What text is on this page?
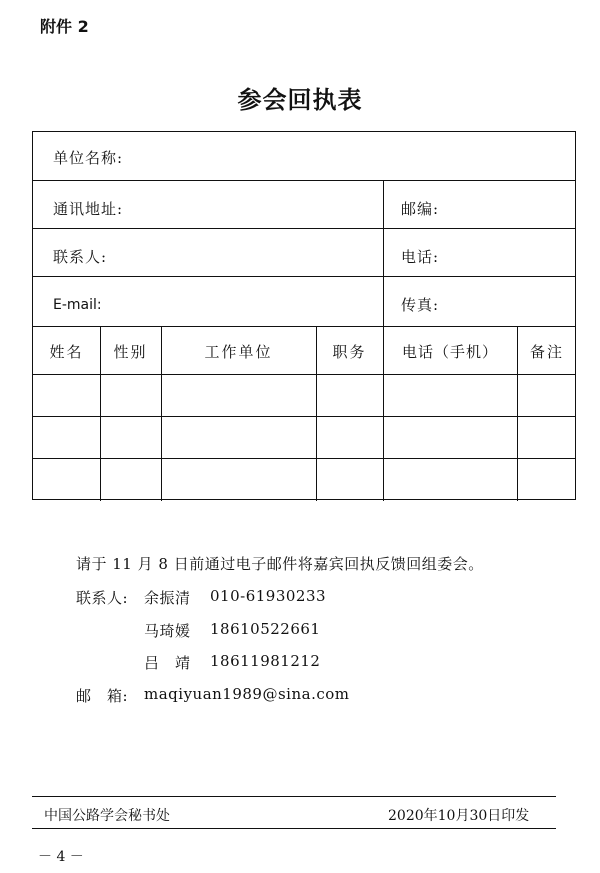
附件 2
参会回执表
单位名称:
通讯地址:	邮编:
联系人:	电话:
E-mail:	传真:
姓名	性别	工作单位	职务	电话（手机）	备注
请于 11 月 8 日前通过电子邮件将嘉宾回执反馈回组委会。
联系人: 余振清 010-61930233
马琦媛 18610522661
吕　靖 18611981212
邮　箱: maqiyuan1989@sina.com
中国公路学会秘书处	2020年10月30日印发
－ 4 －
